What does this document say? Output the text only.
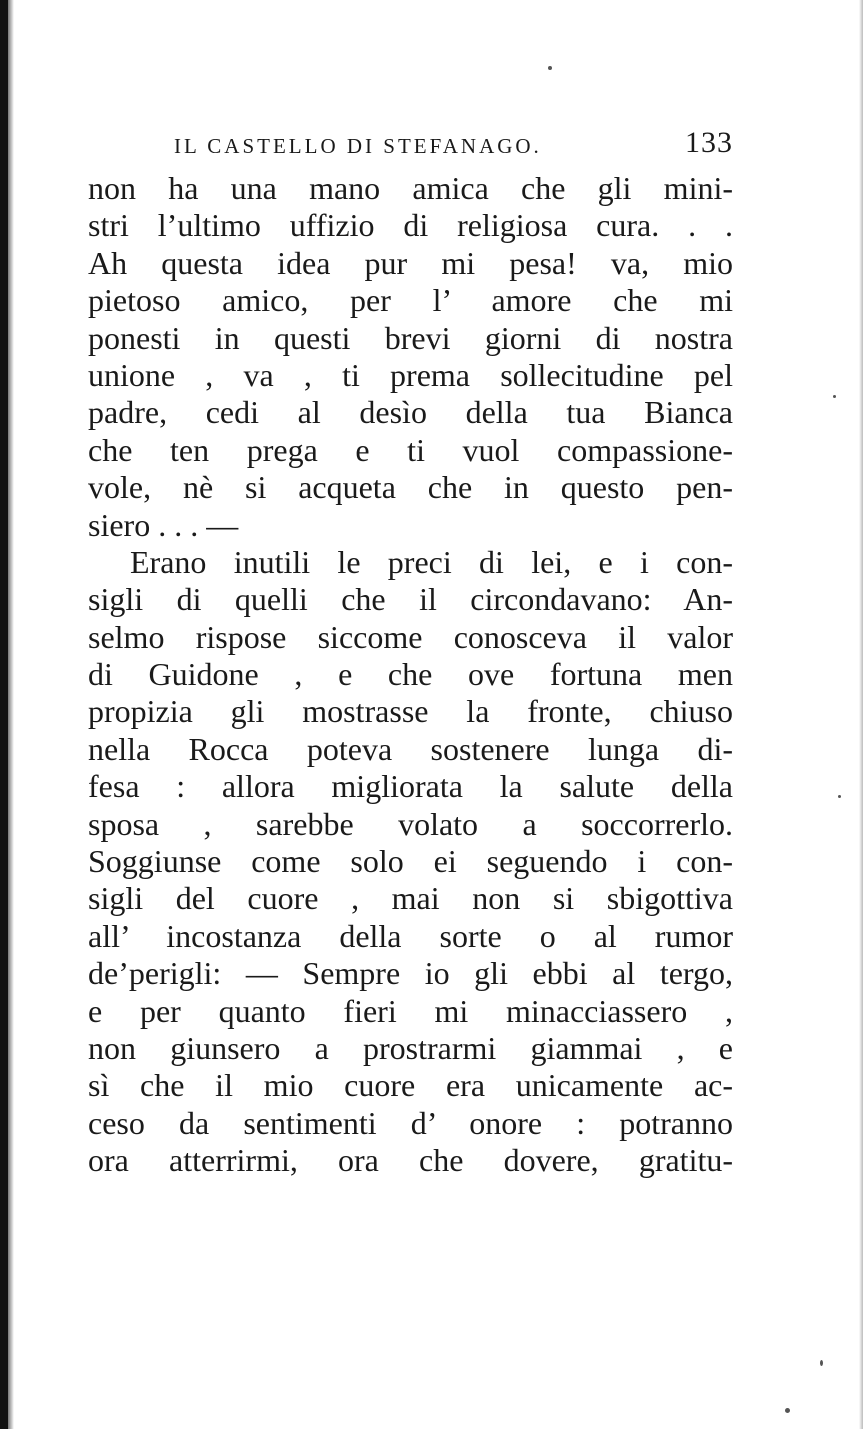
IL CASTELLO DI STEFANAGO.	133
non ha una mano amica che gli mini-
stri l’ultimo uffizio di religiosa cura. . .
Ah questa idea pur mi pesa! va, mio
pietoso amico, per l’ amore che mi
ponesti in questi brevi giorni di nostra
unione , va , ti prema sollecitudine pel
padre, cedi al desìo della tua Bianca
che ten prega e ti vuol compassione-
vole, nè si acqueta che in questo pen-
siero . . . —
Erano inutili le preci di lei, e i con-
sigli di quelli che il circondavano: An-
selmo rispose siccome conosceva il valor
di Guidone , e che ove fortuna men
propizia gli mostrasse la fronte, chiuso
nella Rocca poteva sostenere lunga di-
fesa : allora migliorata la salute della
sposa , sarebbe volato a soccorrerlo.
Soggiunse come solo ei seguendo i con-
sigli del cuore , mai non si sbigottiva
all’ incostanza della sorte o al rumor
de’perigli: — Sempre io gli ebbi al tergo,
e per quanto fieri mi minacciassero ,
non giunsero a prostrarmi giammai , e
sì che il mio cuore era unicamente ac-
ceso da sentimenti d’ onore : potranno
ora atterrirmi, ora che dovere, gratitu-
